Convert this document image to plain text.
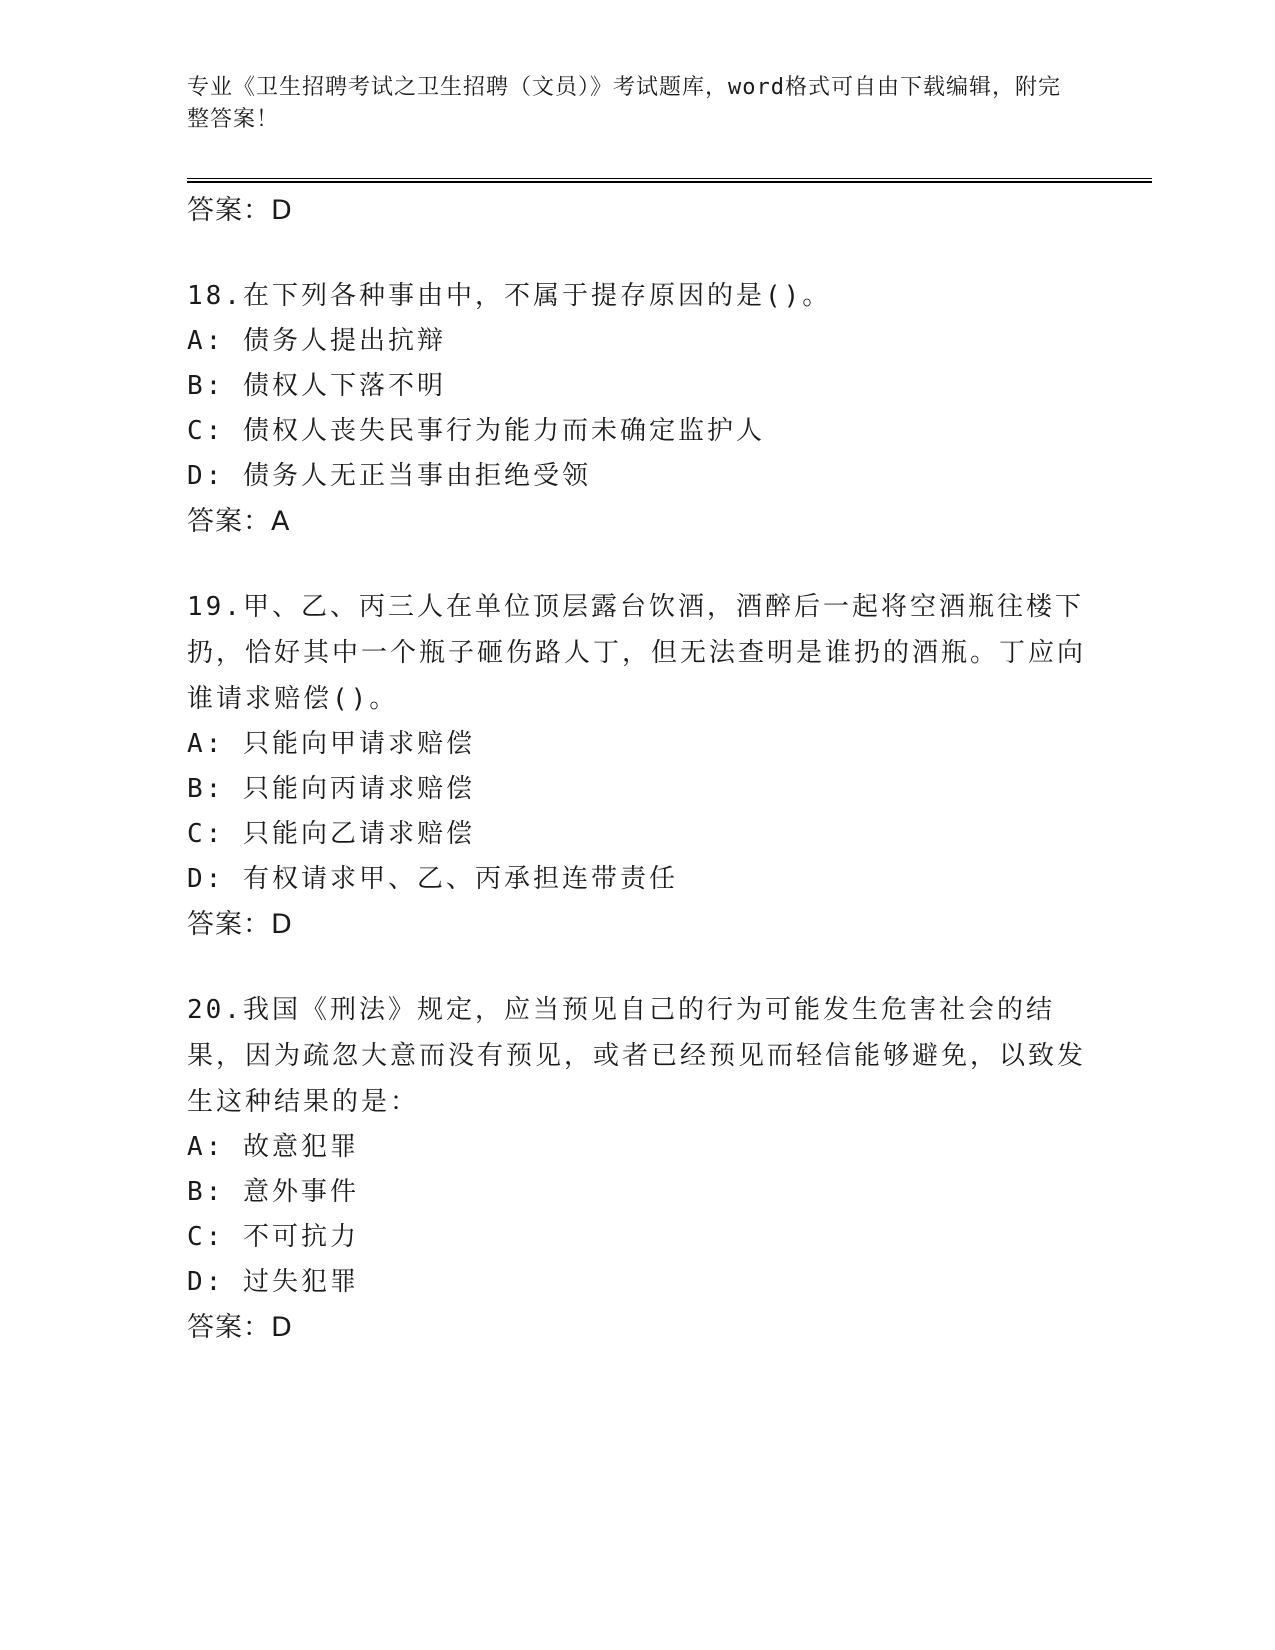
专业《卫生招聘考试之卫生招聘（文员）》考试题库，word格式可自由下载编辑，附完整答案！
答案：D
18.在下列各种事由中，不属于提存原因的是()。
A: 债务人提出抗辩
B: 债权人下落不明
C: 债权人丧失民事行为能力而未确定监护人
D: 债务人无正当事由拒绝受领
答案：A
19.甲、乙、丙三人在单位顶层露台饮酒，酒醉后一起将空酒瓶往楼下扔，恰好其中一个瓶子砸伤路人丁，但无法查明是谁扔的酒瓶。丁应向谁请求赔偿()。
A: 只能向甲请求赔偿
B: 只能向丙请求赔偿
C: 只能向乙请求赔偿
D: 有权请求甲、乙、丙承担连带责任
答案：D
20.我国《刑法》规定，应当预见自己的行为可能发生危害社会的结果，因为疏忽大意而没有预见，或者已经预见而轻信能够避免，以致发生这种结果的是：
A: 故意犯罪
B: 意外事件
C: 不可抗力
D: 过失犯罪
答案：D
